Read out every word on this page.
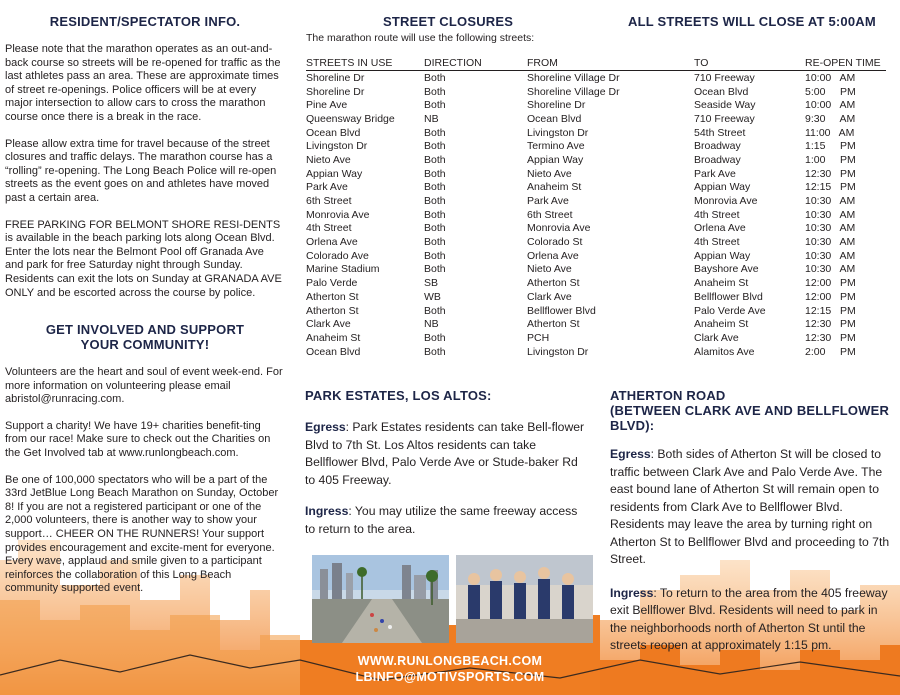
RESIDENT/SPECTATOR INFO.

Please note that the marathon operates as an out-and-back course so streets will be re-opened for traffic as the last athletes pass an area. These are approximate times of street re-openings. Police officers will be at every major intersection to allow cars to cross the marathon course once there is a break in the race.

Please allow extra time for travel because of the street closures and traffic delays. The marathon course has a “rolling” re-opening. The Long Beach Police will re-open streets as the event goes on and athletes have moved past a certain area.

FREE PARKING FOR BELMONT SHORE RESI-DENTS is available in the beach parking lots along Ocean Blvd. Enter the lots near the Belmont Pool off Granada Ave and park for free Saturday night through Sunday. Residents can exit the lots on Sunday at GRANADA AVE ONLY and be escorted across the course by police.

GET INVOLVED AND SUPPORT
YOUR COMMUNITY!

Volunteers are the heart and soul of event week-end. For more information on volunteering please email abristol@runracing.com.

Support a charity! We have 19+ charities benefit-ting from our race! Make sure to check out the Charities on the Get Involved tab at www.runlongbeach.com.

Be one of 100,000 spectators who will be a part of the 33rd JetBlue Long Beach Marathon on Sunday, October 8! If you are not a registered participant or one of the 2,000 volunteers, there is another way to show your support… CHEER ON THE RUNNERS! Your support provides encouragement and excite-ment for everyone. Every wave, applaud and smile given to a participant reinforces the collaboration of this Long Beach community supported event.

STREET CLOSURES
The marathon route will use the following streets:
ALL STREETS WILL CLOSE AT 5:00AM
STREETS IN USE	DIRECTION	FROM	TO	RE-OPEN TIME
Shoreline Dr	Both	Shoreline Village Dr	710 Freeway	10:00   AM
Shoreline Dr	Both	Shoreline Village Dr	Ocean Blvd	5:00     PM
Pine Ave	Both	Shoreline Dr	Seaside Way	10:00   AM
Queensway Bridge	NB	Ocean Blvd	710 Freeway	9:30     AM
Ocean Blvd	Both	Livingston Dr	54th Street	11:00   AM
Livingston Dr	Both	Termino Ave	Broadway	1:15     PM
Nieto Ave	Both	Appian Way	Broadway	1:00     PM
Appian Way	Both	Nieto Ave	Park Ave	12:30   PM
Park Ave	Both	Anaheim St	Appian Way	12:15   PM
6th Street	Both	Park Ave	Monrovia Ave	10:30   AM
Monrovia Ave	Both	6th Street	4th Street	10:30   AM
4th Street	Both	Monrovia Ave	Orlena Ave	10:30   AM
Orlena Ave	Both	Colorado St	4th Street	10:30   AM
Colorado Ave	Both	Orlena Ave	Appian Way	10:30   AM
Marine Stadium	Both	Nieto Ave	Bayshore Ave	10:30   AM
Palo Verde	SB	Atherton St	Anaheim St	12:00   PM
Atherton St	WB	Clark Ave	Bellflower Blvd	12:00   PM
Atherton St	Both	Bellflower Blvd	Palo Verde Ave	12:15   PM
Clark Ave	NB	Atherton St	Anaheim St	12:30   PM
Anaheim St	Both	PCH	Clark Ave	12:30   PM
Ocean Blvd	Both	Livingston Dr	Alamitos Ave	2:00     PM
PARK ESTATES, LOS ALTOS:

Egress: Park Estates residents can take Bell-flower Blvd to 7th St. Los Altos residents can take Bellflower Blvd, Palo Verde Ave or Stude-baker Rd to 405 Freeway.

Ingress: You may utilize the same freeway access to return to the area.

ATHERTON ROAD
(BETWEEN CLARK AVE AND BELLFLOWER
BLVD):

Egress: Both sides of Atherton St will be closed to traffic between Clark Ave and Palo Verde Ave. The east bound lane of Atherton St will remain open to residents from Clark Ave to Bellflower Blvd. Residents may leave the area by turning right on Atherton St to Bellflower Blvd and proceeding to 7th Street.

Ingress: To return to the area from the 405 freeway exit Bellflower Blvd. Residents will need to park in the neighborhoods north of Atherton St until the streets reopen at approximately 1:15 pm.

WWW.RUNLONGBEACH.COM
LBINFO@MOTIVSPORTS.COM
